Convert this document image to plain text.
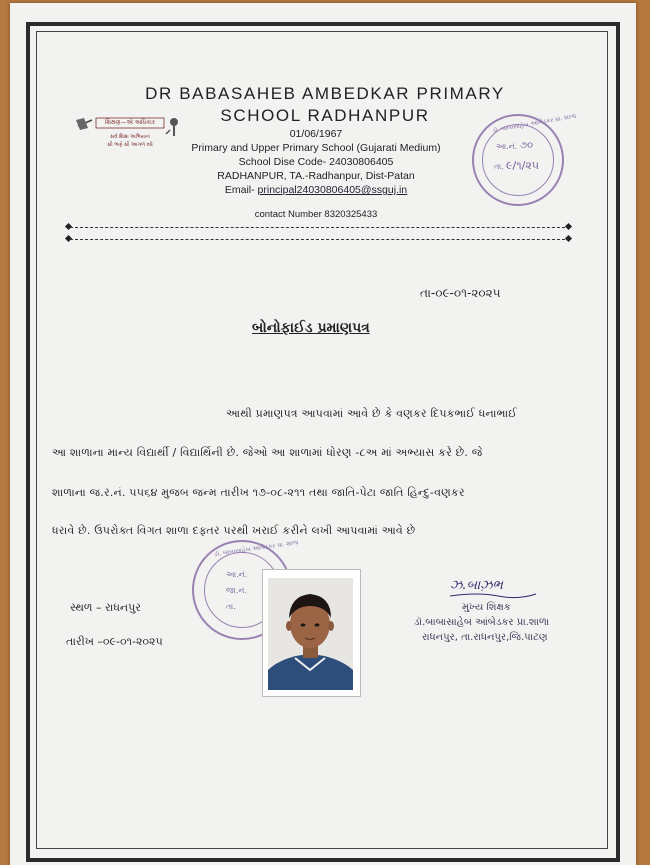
DR BABASAHEB AMBEDKAR PRIMARY
SCHOOL RADHANPUR
01/06/1967
Primary and Upper Primary School (Gujarati Medium)
School Dise Code- 24030806405
RADHANPUR, TA.-Radhanpur, Dist-Patan
Email- principal24030806405@ssguj.in
contact Number 8320325433
શિક્ષણ—એ અધિકાર
સર્વ શિક્ષા અભિયાન
સૌ ભણે સૌ આગળ વધે
ડૉ. બાબાસાહેબ આંબેડકર પ્રા. શાળા
આ.નં. ૭૦
તા. ૯/૧/૨૫
તા-૦૯-૦૧-૨૦૨૫
બોનોફાઈડ પ્રમાણપત્ર
આથી પ્રમાણપત્ર આપવામાં આવે છે કે વણકર દિપકભાઈ ધનાભાઈ
આ શાળાના માન્ય વિદ્યાર્થી / વિદ્યાર્થિની છે. જેઓ આ શાળામાં ધોરણ -૮અ માં અભ્યાસ કરે છે. જે
શાળાના જ.ર.નં. ૫૫૬૪ મુજબ જન્મ તારીખ ૧૭-૦૮-૨૧૧ તથા જાતિ-પેટા જાતિ હિન્દુ-વણકર
ધરાવે છે. ઉપરોક્ત વિગત શાળા દફ્તર પરથી ખરાઈ કરીને લખી આપવામાં આવે છે
ડૉ. બાબાસાહેબ આંબેડકર પ્રા. શાળા
આ.નં.
જા.નં.
તા.
સ્થળ – રાધનપુર
તારીખ –૦૯-૦૧-૨૦૨૫
ઝ.બાઝ઼ભ
મુખ્ય શિક્ષક
ડૉ.બાબાસાહેબ આંબેડકર પ્રા.શાળા
રાધનપુર, તા.રાધનપુર,જિ.પાટણ
